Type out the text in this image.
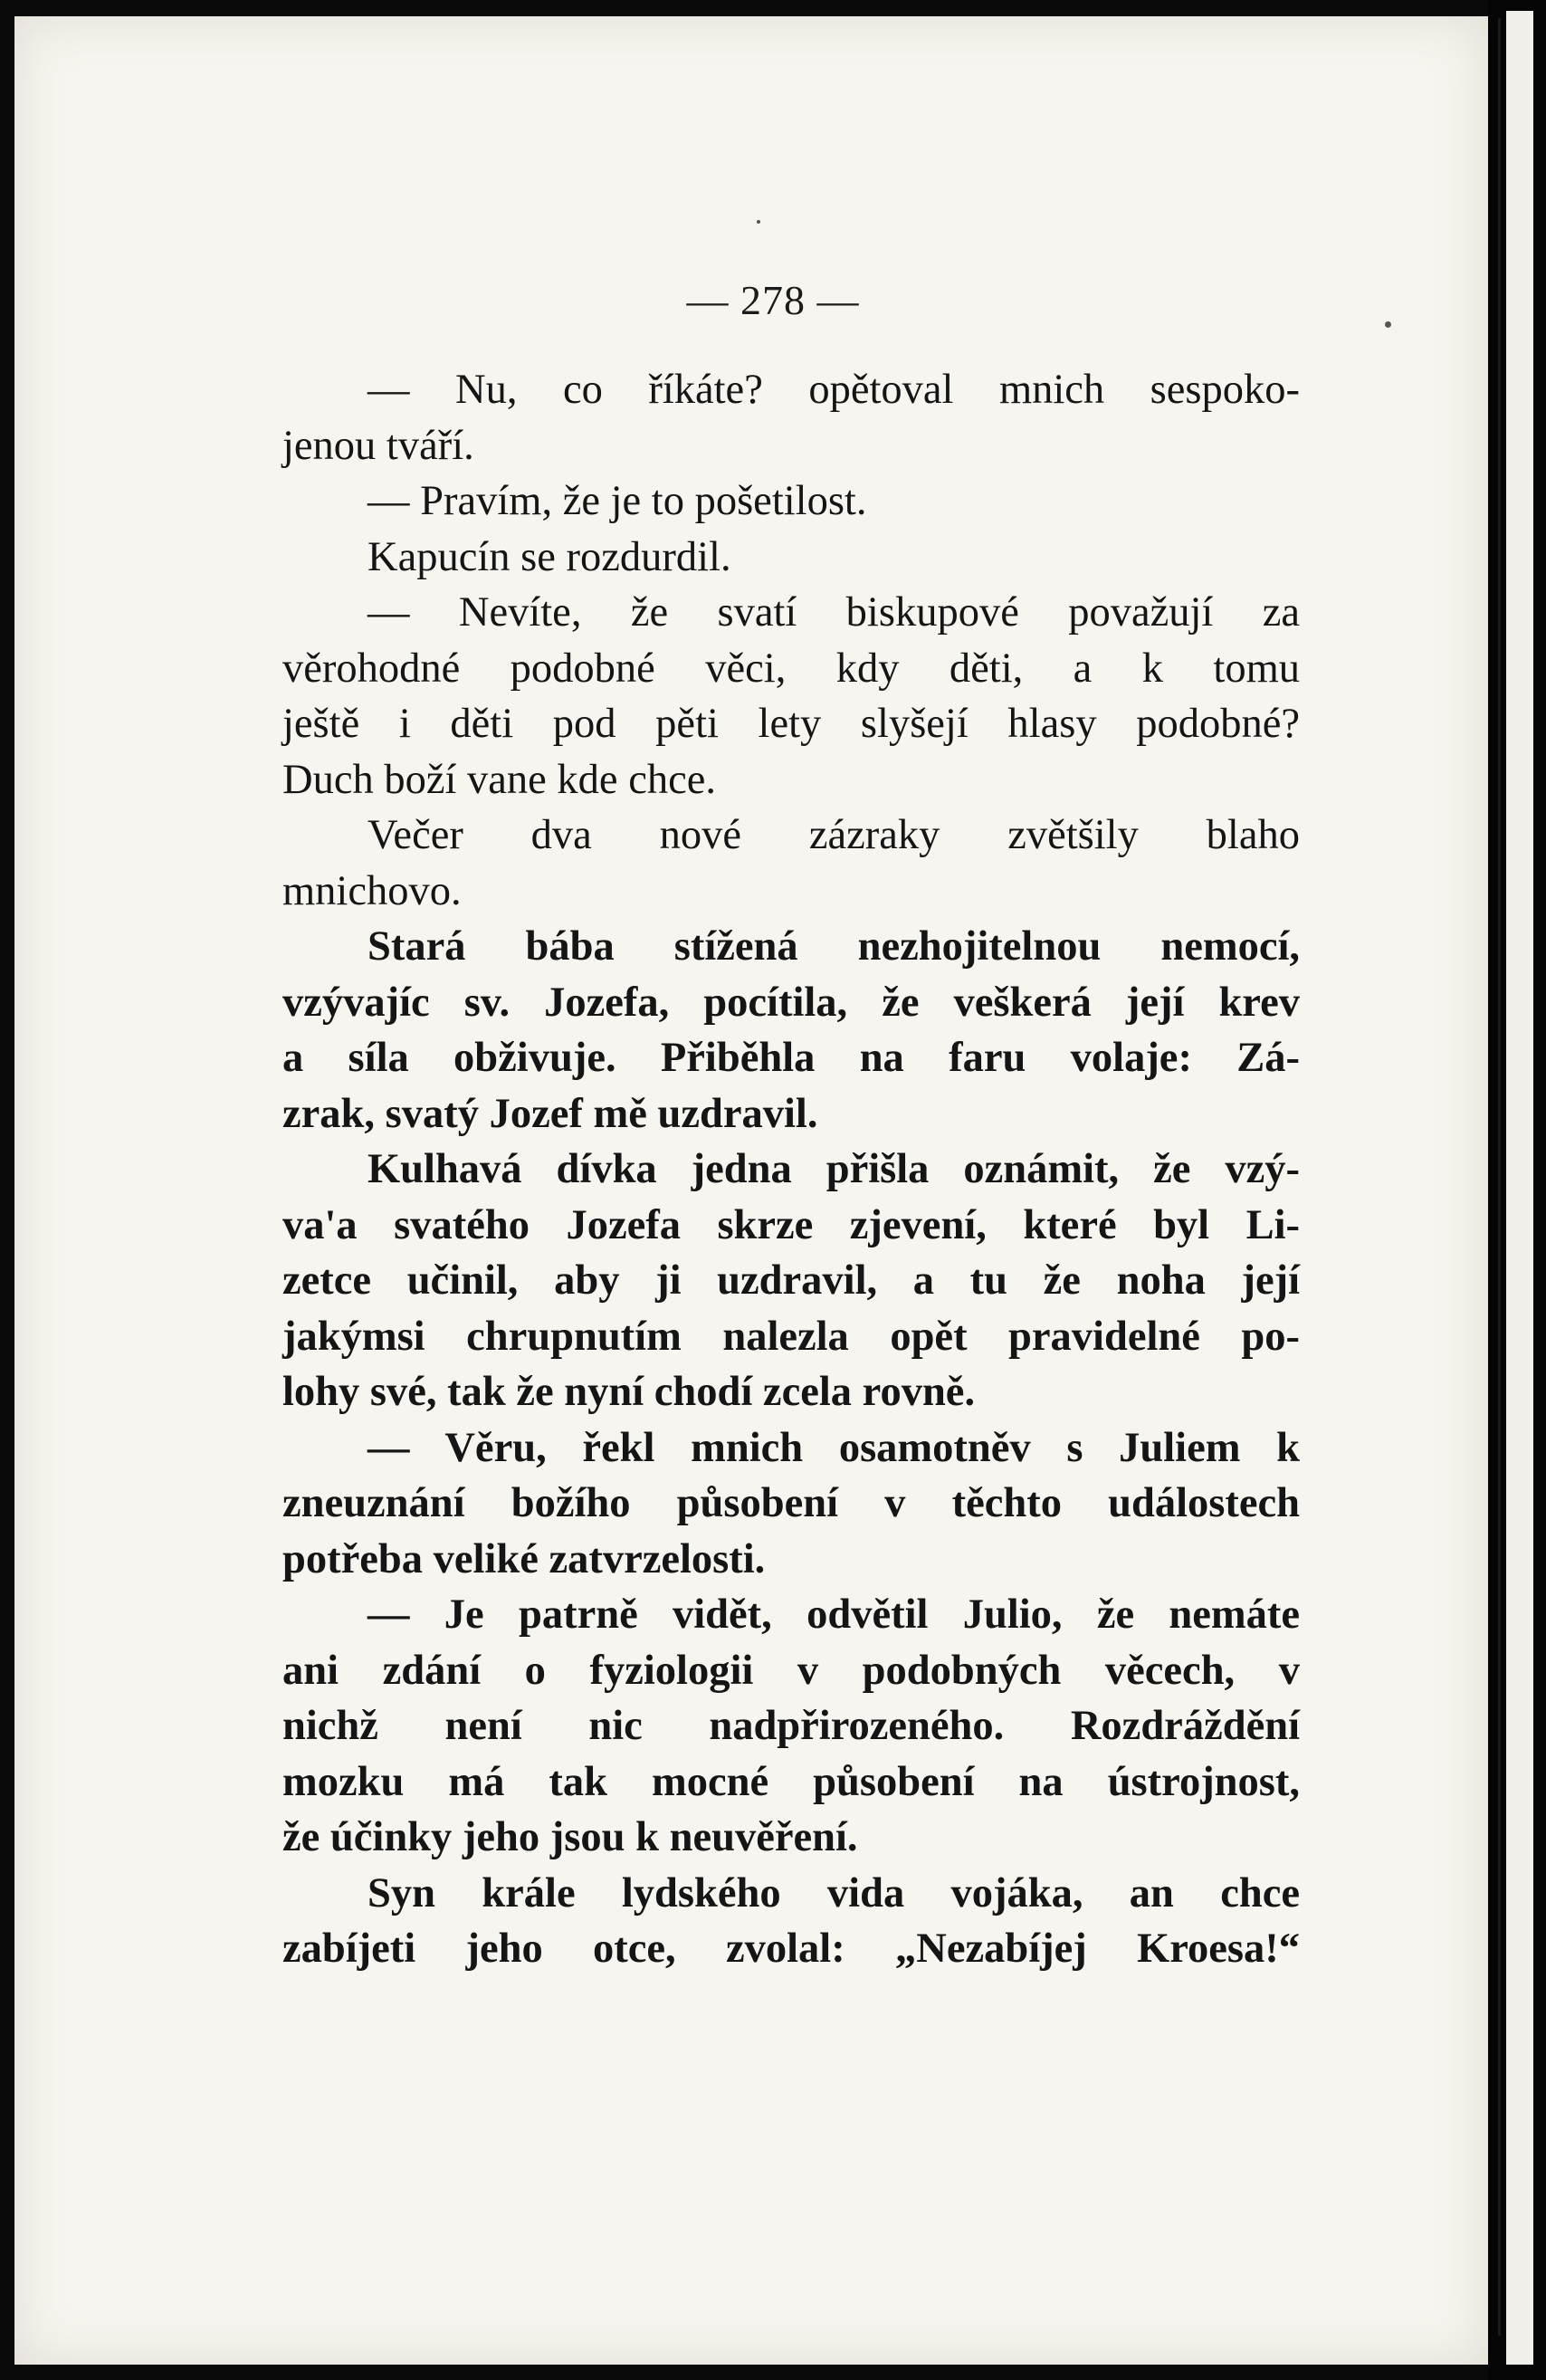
— 278 —
— Nu, co říkáte? opětoval mnich sespoko-
jenou tváří.
— Pravím, že je to pošetilost.
Kapucín se rozdurdil.
— Nevíte, že svatí biskupové považují za
věrohodné podobné věci, kdy děti, a k tomu
ještě i děti pod pěti lety slyšejí hlasy podobné?
Duch boží vane kde chce.
Večer dva nové zázraky zvětšily blaho
mnichovo.
Stará bába stížená nezhojitelnou nemocí,
vzývajíc sv. Jozefa, pocítila, že veškerá její krev
a síla obživuje. Přiběhla na faru volaje: Zá-
zrak, svatý Jozef mě uzdravil.
Kulhavá dívka jedna přišla oznámit, že vzý-
va'a svatého Jozefa skrze zjevení, které byl Li-
zetce učinil, aby ji uzdravil, a tu že noha její
jakýmsi chrupnutím nalezla opět pravidelné po-
lohy své, tak že nyní chodí zcela rovně.
— Věru, řekl mnich osamotněv s Juliem k
zneuznání božího působení v těchto událostech
potřeba veliké zatvrzelosti.
— Je patrně vidět, odvětil Julio, že nemáte
ani zdání o fyziologii v podobných věcech, v
nichž není nic nadpřirozeného. Rozdráždění
mozku má tak mocné působení na ústrojnost,
že účinky jeho jsou k neuvěření.
Syn krále lydského vida vojáka, an chce
zabíjeti jeho otce, zvolal: „Nezabíjej Kroesa!“
